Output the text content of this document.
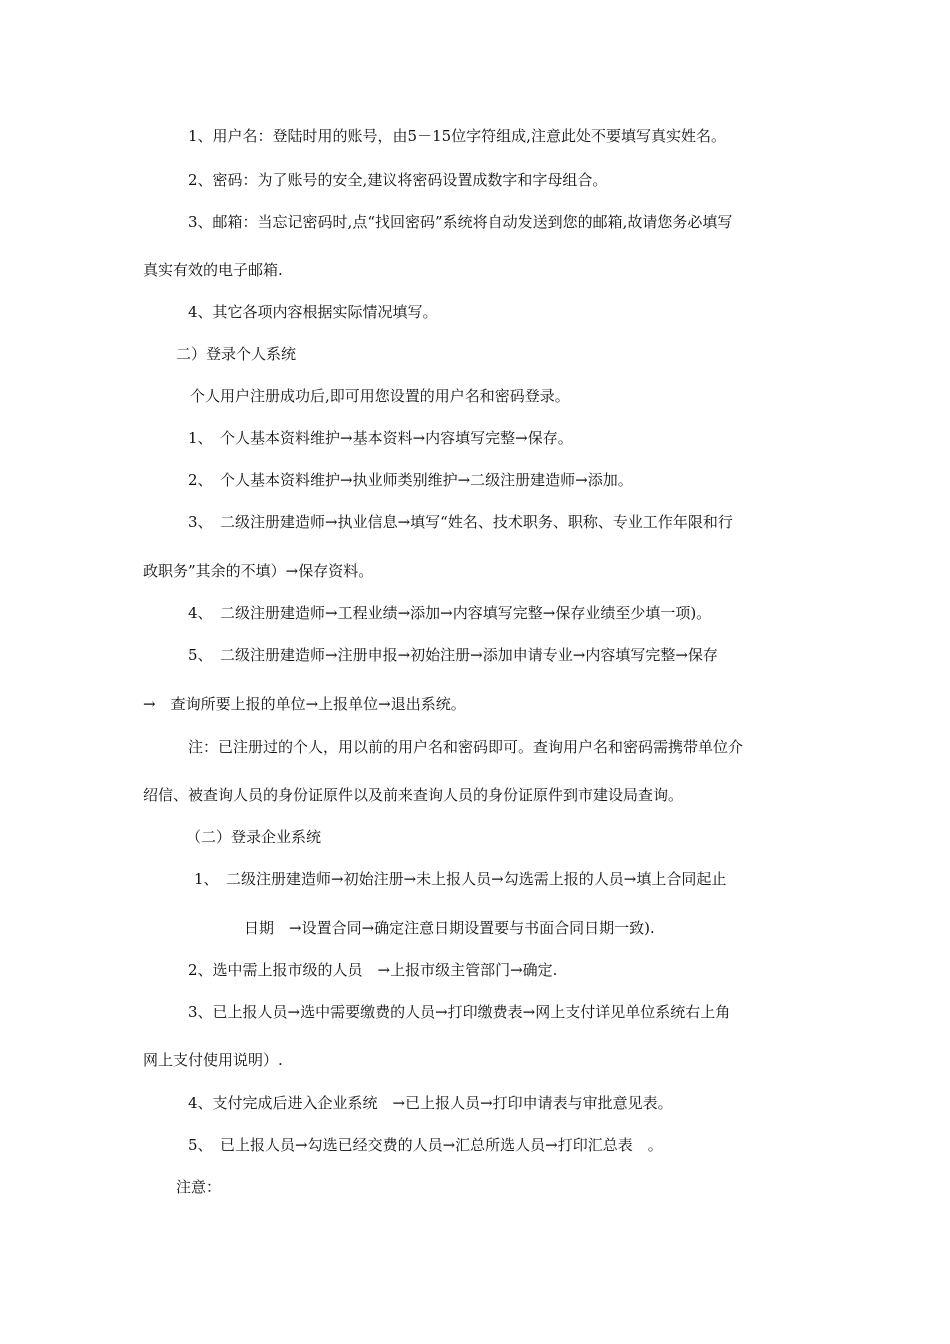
1、用户名：登陆时用的账号，由5－15位字符组成,注意此处不要填写真实姓名。
2、密码：为了账号的安全,建议将密码设置成数字和字母组合。
3、邮箱：当忘记密码时,点“找回密码”系统将自动发送到您的邮箱,故请您务必填写
真实有效的电子邮箱.
4、其它各项内容根据实际情况填写。
二）登录个人系统
个人用户注册成功后,即可用您设置的用户名和密码登录。
1、　个人基本资料维护→基本资料→内容填写完整→保存。
2、　个人基本资料维护→执业师类别维护→二级注册建造师→添加。
3、　二级注册建造师→执业信息→填写“姓名、技术职务、职称、专业工作年限和行
政职务”其余的不填）→保存资料。
4、　二级注册建造师→工程业绩→添加→内容填写完整→保存业绩至少填一项)。
5、　二级注册建造师→注册申报→初始注册→添加申请专业→内容填写完整→保存
→　查询所要上报的单位→上报单位→退出系统。
注：已注册过的个人，用以前的用户名和密码即可。查询用户名和密码需携带单位介
绍信、被查询人员的身份证原件以及前来查询人员的身份证原件到市建设局查询。
（二）登录企业系统
1、　二级注册建造师→初始注册→未上报人员→勾选需上报的人员→填上合同起止
日期　→设置合同→确定注意日期设置要与书面合同日期一致).
2、选中需上报市级的人员　→上报市级主管部门→确定.
3、已上报人员→选中需要缴费的人员→打印缴费表→网上支付详见单位系统右上角
网上支付使用说明）.
4、支付完成后进入企业系统　→已上报人员→打印申请表与审批意见表。
5、　已上报人员→勾选已经交费的人员→汇总所选人员→打印汇总表　。
注意：
